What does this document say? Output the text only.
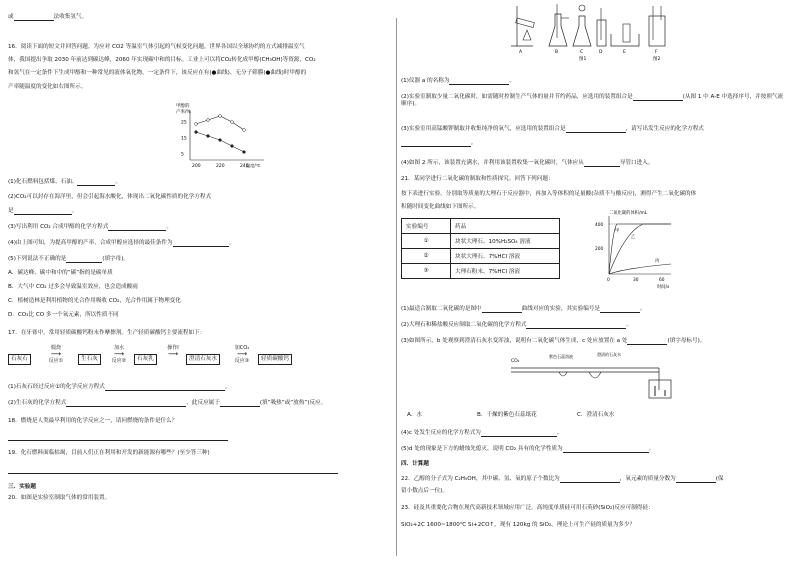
或	法收集氢气。
16．阅读下面的短文并回答问题。为应对 CO2 等温室气体引起的气候变化问题，世界各国以全球协约的方式减排温室气
体，我国提出争取 2030 年前达到碳达峰，2060 年实现碳中和的目标。工业上可以将CO₂转化成甲醇(CH₃OH)等资源，CO₂
和氢气在一定条件下生成甲醇和一种常见的液体氧化物。一定条件下，该反应在有(●曲线)、无分子筛膜(●曲线)时甲醇的
产率随温度的变化如右图所示。
甲醇的
产率/%
25
15
5
200	220	240
温度/℃
(1)化石燃料包括煤、石油、	。
(2)CO₂可以封存在海洋里，但会引起海水酸化，体现出二氧化碳性质的化学方程式
是	。
(3)写出利用 CO₂ 合成甲醇的化学方程式	。
(4)由上图可知，为提高甲醇的产率，合成甲醇应选择的最佳条件为	。
(5)下列说法不正确的是	(填字母)。
A．碳达峰、碳中和中的“碳”指的是碳单质
B．大气中 CO₂ 过多会导致温室效应，也会造成酸雨
C．植树造林是利用植物的光合作用吸收 CO₂，光合作用属于物理变化
D．CO₂比 CO 多一个氧元素，所以性质不同
17．在牙膏中，常用轻质碳酸钙粉末作摩擦剂。生产轻质碳酸钙主要流程如下：
石灰石	生石灰	石灰乳	澄清石灰水	轻质碳酸钙
煅烧
⟶
反应①
加水
⟶
反应②
操作Ⅰ
⟶
加CO₂
⟶
反应③
(1)石灰石经过反应①的化学反应方程式	。
(2)生石灰的化学方程式	，此反应属于	(填“吸热”或“放热”)反应。
18．燃烧是人类最早利用的化学反应之一，请问燃烧的条件是什么？
19．化石燃料面临枯竭，目前人们正在利用和开发的新能源有哪些？(至少答三种)
三．实验题
20．如图是实验室制取气体的常用装置。
A	B	C	D	E	F
图1	图2
(1)仪器 a 的名称为	。
(2)实验室制取少量二氧化碳时，如需随时控制生产气体的量并节约药品，应选用的装置组合是	(从图 1 中 A-E 中选择序号，并按照气流顺序)。
(3)实验室用高锰酸钾制取并收集纯净的氧气，应选用的装置组合是	，请写出发生反应的化学方程式
。
(4)如图 2 所示，该装置充满水，并利用该装置收集一氧化碳时，气体应从	导管口进入。
21．某同学进行二氧化碳的制取和性质探究。回答下列问题：
按下表进行实验，分别取等质量的大理石于反应器中，再加入等体积的足量酸(杂质不与酸反应)，测得产生二氧化碳的体
积随时间变化曲线如下图所示。
实验编号	药品
①	块状大理石、10%H₂SO₄ 溶液
②	块状大理石、7%HCl 溶液
③	大理石粉末、7%HCl 溶液
二氧化碳的体积/mL
400
200
0	30	60
时间/s
甲
乙
丙
(1)最适合制取二氧化碳的是图中	曲线对应的实验，其实验编号是	。
(2)大理石和稀盐酸反应制取二氧化碳的化学方程式	。
(3)如图所示，b 处观察到澄清石灰水变浑浊，说明有二氧化碳气体生成，c 处应放置在 a 处	(填字母标号)。
CO₂
紫色石蕊溶液	澄清的石灰水
A．水	B．干燥的紫色石蕊纸花	C．澄清石灰水
(4)c 处发生反应的化学方程式为	。
(5)d 处的现象是下方的蜡烛先熄灭，说明 CO₂ 具有的化学性质为	。
四．计算题
22．乙醇的分子式为 C₂H₅OH，其中碳、氢、氧的原子个数比为	，氧元素的质量分数为	(保
留小数点后一位)。
23．硅及其重要化合物在现代高新技术领域应用广泛。高纯度单质硅可用石英砂(SiO₂)反应可制得硅：
SiO₂+2C 1600~1800℃ Si+2CO↑，现有 120kg 的 SiO₂，理论上可生产硅的质量为多少？
